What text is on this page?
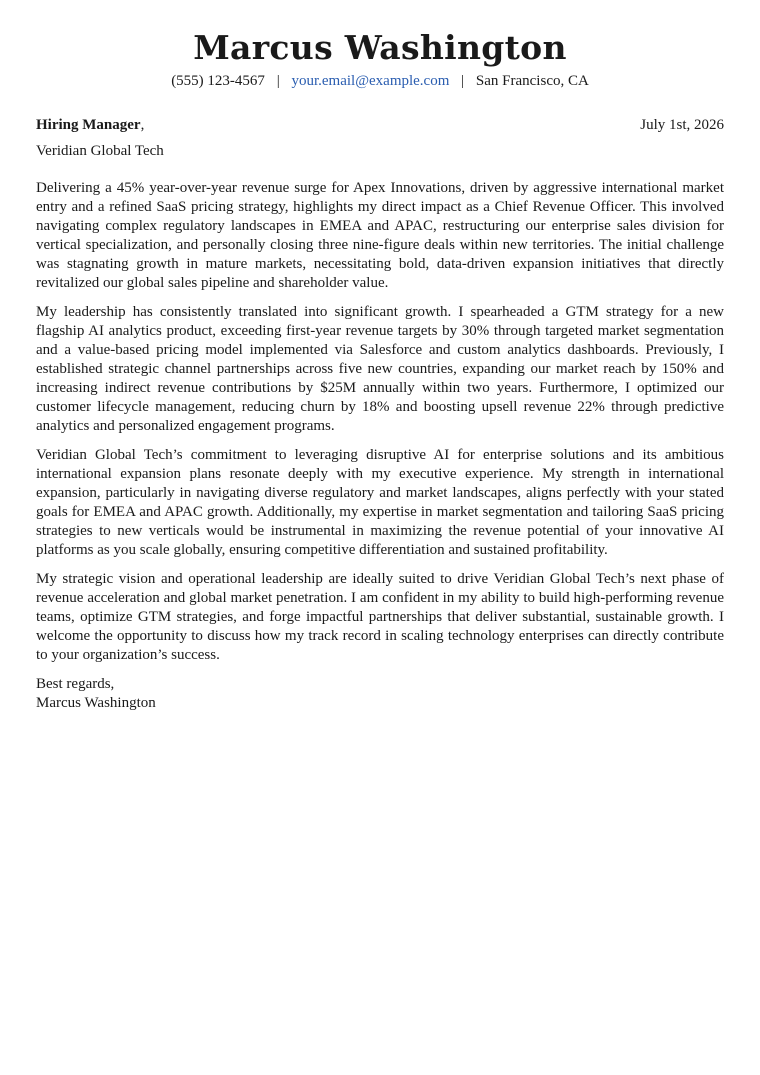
Marcus Washington
(555) 123-4567 | your.email@example.com | San Francisco, CA
Hiring Manager,	July 1st, 2026
Veridian Global Tech

Delivering a 45% year-over-year revenue surge for Apex Innovations, driven by aggressive international market entry and a refined SaaS pricing strategy, highlights my direct impact as a Chief Revenue Officer. This involved navigating complex regulatory landscapes in EMEA and APAC, restructuring our enterprise sales division for vertical specialization, and personally closing three nine-figure deals within new territories. The initial challenge was stagnating growth in mature markets, necessitating bold, data-driven expansion initiatives that directly revitalized our global sales pipeline and shareholder value.

My leadership has consistently translated into significant growth. I spearheaded a GTM strategy for a new flagship AI analytics product, exceeding first-year revenue targets by 30% through targeted market segmentation and a value-based pricing model implemented via Salesforce and custom analytics dashboards. Previously, I established strategic channel partnerships across five new countries, expanding our market reach by 150% and increasing indirect revenue contributions by $25M annually within two years. Furthermore, I optimized our customer lifecycle management, reducing churn by 18% and boosting upsell revenue 22% through predictive analytics and personalized engagement programs.

Veridian Global Tech’s commitment to leveraging disruptive AI for enterprise solutions and its ambitious international expansion plans resonate deeply with my executive experience. My strength in international expansion, particularly in navigating diverse regulatory and market landscapes, aligns perfectly with your stated goals for EMEA and APAC growth. Additionally, my expertise in market segmentation and tailoring SaaS pricing strategies to new verticals would be instrumental in maximizing the revenue potential of your innovative AI platforms as you scale globally, ensuring competitive differentiation and sustained profitability.

My strategic vision and operational leadership are ideally suited to drive Veridian Global Tech’s next phase of revenue acceleration and global market penetration. I am confident in my ability to build high-performing revenue teams, optimize GTM strategies, and forge impactful partnerships that deliver substantial, sustainable growth. I welcome the opportunity to discuss how my track record in scaling technology enterprises can directly contribute to your organization’s success.

Best regards,
Marcus Washington
